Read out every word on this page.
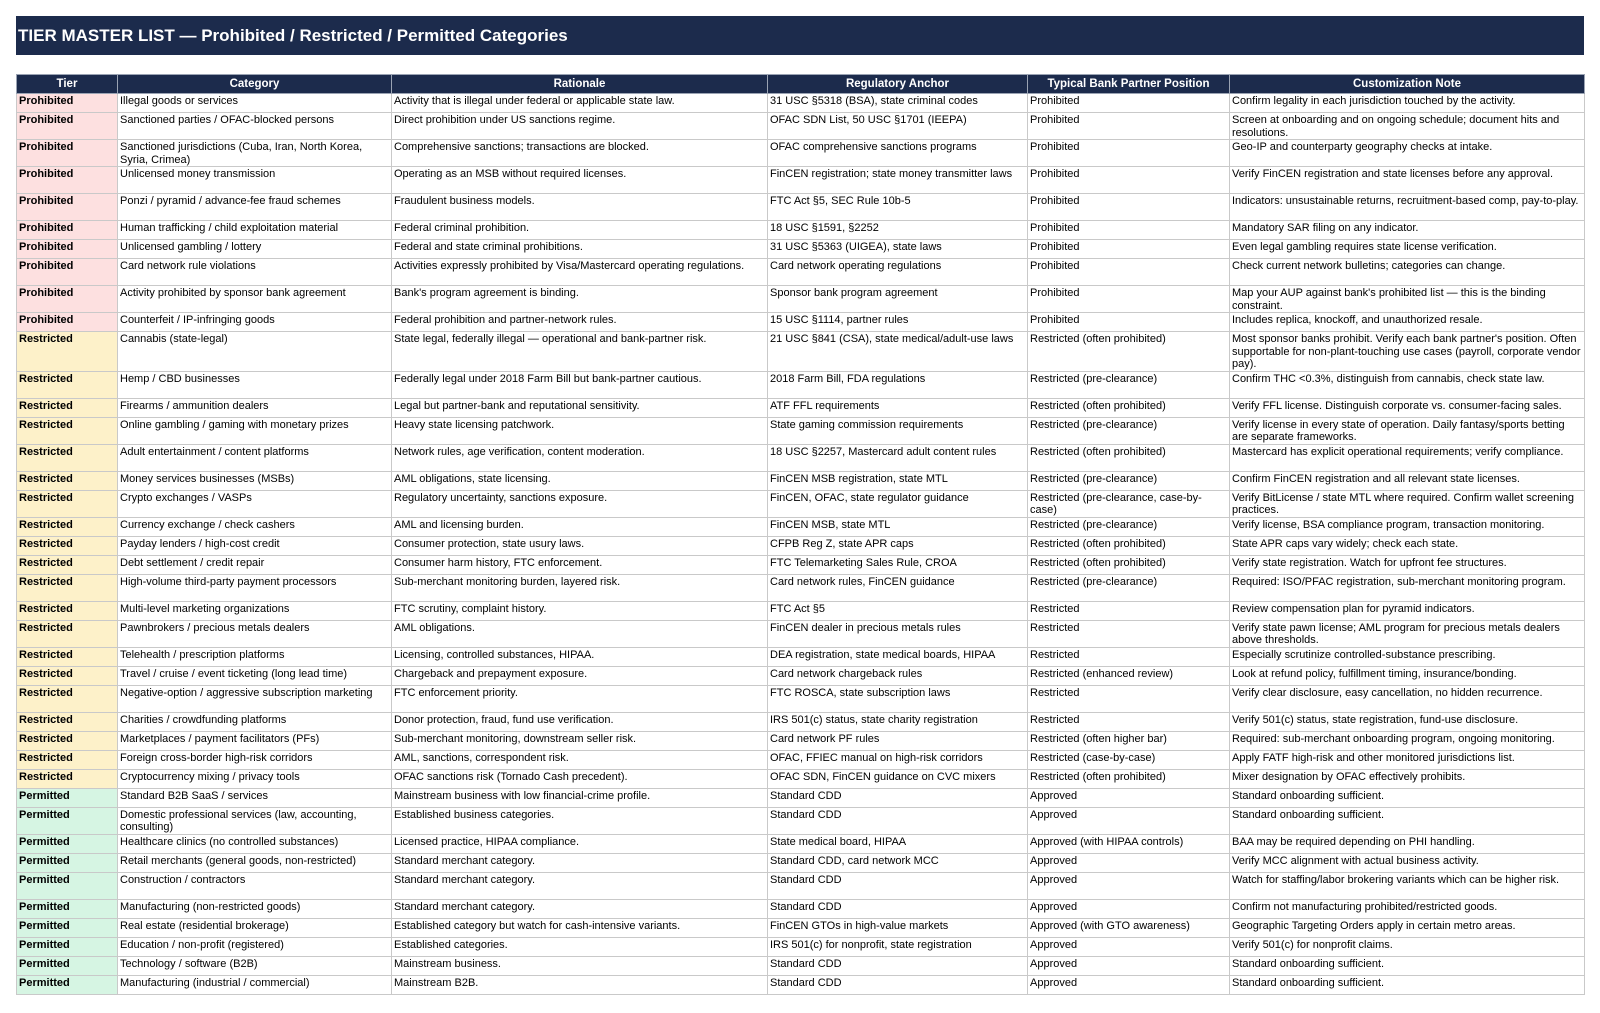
TIER MASTER LIST — Prohibited / Restricted / Permitted Categories
Tier	Category	Rationale	Regulatory Anchor	Typical Bank Partner Position	Customization Note
Prohibited	Illegal goods or services	Activity that is illegal under federal or applicable state law.	31 USC §5318 (BSA), state criminal codes	Prohibited	Confirm legality in each jurisdiction touched by the activity.
Prohibited	Sanctioned parties / OFAC-blocked persons	Direct prohibition under US sanctions regime.	OFAC SDN List, 50 USC §1701 (IEEPA)	Prohibited	Screen at onboarding and on ongoing schedule; document hits and resolutions.
Prohibited	Sanctioned jurisdictions (Cuba, Iran, North Korea, Syria, Crimea)	Comprehensive sanctions; transactions are blocked.	OFAC comprehensive sanctions programs	Prohibited	Geo-IP and counterparty geography checks at intake.
Prohibited	Unlicensed money transmission	Operating as an MSB without required licenses.	FinCEN registration; state money transmitter laws	Prohibited	Verify FinCEN registration and state licenses before any approval.
Prohibited	Ponzi / pyramid / advance-fee fraud schemes	Fraudulent business models.	FTC Act §5, SEC Rule 10b-5	Prohibited	Indicators: unsustainable returns, recruitment-based comp, pay-to-play.
Prohibited	Human trafficking / child exploitation material	Federal criminal prohibition.	18 USC §1591, §2252	Prohibited	Mandatory SAR filing on any indicator.
Prohibited	Unlicensed gambling / lottery	Federal and state criminal prohibitions.	31 USC §5363 (UIGEA), state laws	Prohibited	Even legal gambling requires state license verification.
Prohibited	Card network rule violations	Activities expressly prohibited by Visa/Mastercard operating regulations.	Card network operating regulations	Prohibited	Check current network bulletins; categories can change.
Prohibited	Activity prohibited by sponsor bank agreement	Bank's program agreement is binding.	Sponsor bank program agreement	Prohibited	Map your AUP against bank's prohibited list — this is the binding constraint.
Prohibited	Counterfeit / IP-infringing goods	Federal prohibition and partner-network rules.	15 USC §1114, partner rules	Prohibited	Includes replica, knockoff, and unauthorized resale.
Restricted	Cannabis (state-legal)	State legal, federally illegal — operational and bank-partner risk.	21 USC §841 (CSA), state medical/adult-use laws	Restricted (often prohibited)	Most sponsor banks prohibit. Verify each bank partner's position. Often supportable for non-plant-touching use cases (payroll, corporate vendor pay).
Restricted	Hemp / CBD businesses	Federally legal under 2018 Farm Bill but bank-partner cautious.	2018 Farm Bill, FDA regulations	Restricted (pre-clearance)	Confirm THC <0.3%, distinguish from cannabis, check state law.
Restricted	Firearms / ammunition dealers	Legal but partner-bank and reputational sensitivity.	ATF FFL requirements	Restricted (often prohibited)	Verify FFL license. Distinguish corporate vs. consumer-facing sales.
Restricted	Online gambling / gaming with monetary prizes	Heavy state licensing patchwork.	State gaming commission requirements	Restricted (pre-clearance)	Verify license in every state of operation. Daily fantasy/sports betting are separate frameworks.
Restricted	Adult entertainment / content platforms	Network rules, age verification, content moderation.	18 USC §2257, Mastercard adult content rules	Restricted (often prohibited)	Mastercard has explicit operational requirements; verify compliance.
Restricted	Money services businesses (MSBs)	AML obligations, state licensing.	FinCEN MSB registration, state MTL	Restricted (pre-clearance)	Confirm FinCEN registration and all relevant state licenses.
Restricted	Crypto exchanges / VASPs	Regulatory uncertainty, sanctions exposure.	FinCEN, OFAC, state regulator guidance	Restricted (pre-clearance, case-by-case)	Verify BitLicense / state MTL where required. Confirm wallet screening practices.
Restricted	Currency exchange / check cashers	AML and licensing burden.	FinCEN MSB, state MTL	Restricted (pre-clearance)	Verify license, BSA compliance program, transaction monitoring.
Restricted	Payday lenders / high-cost credit	Consumer protection, state usury laws.	CFPB Reg Z, state APR caps	Restricted (often prohibited)	State APR caps vary widely; check each state.
Restricted	Debt settlement / credit repair	Consumer harm history, FTC enforcement.	FTC Telemarketing Sales Rule, CROA	Restricted (often prohibited)	Verify state registration. Watch for upfront fee structures.
Restricted	High-volume third-party payment processors	Sub-merchant monitoring burden, layered risk.	Card network rules, FinCEN guidance	Restricted (pre-clearance)	Required: ISO/PFAC registration, sub-merchant monitoring program.
Restricted	Multi-level marketing organizations	FTC scrutiny, complaint history.	FTC Act §5	Restricted	Review compensation plan for pyramid indicators.
Restricted	Pawnbrokers / precious metals dealers	AML obligations.	FinCEN dealer in precious metals rules	Restricted	Verify state pawn license; AML program for precious metals dealers above thresholds.
Restricted	Telehealth / prescription platforms	Licensing, controlled substances, HIPAA.	DEA registration, state medical boards, HIPAA	Restricted	Especially scrutinize controlled-substance prescribing.
Restricted	Travel / cruise / event ticketing (long lead time)	Chargeback and prepayment exposure.	Card network chargeback rules	Restricted (enhanced review)	Look at refund policy, fulfillment timing, insurance/bonding.
Restricted	Negative-option / aggressive subscription marketing	FTC enforcement priority.	FTC ROSCA, state subscription laws	Restricted	Verify clear disclosure, easy cancellation, no hidden recurrence.
Restricted	Charities / crowdfunding platforms	Donor protection, fraud, fund use verification.	IRS 501(c) status, state charity registration	Restricted	Verify 501(c) status, state registration, fund-use disclosure.
Restricted	Marketplaces / payment facilitators (PFs)	Sub-merchant monitoring, downstream seller risk.	Card network PF rules	Restricted (often higher bar)	Required: sub-merchant onboarding program, ongoing monitoring.
Restricted	Foreign cross-border high-risk corridors	AML, sanctions, correspondent risk.	OFAC, FFIEC manual on high-risk corridors	Restricted (case-by-case)	Apply FATF high-risk and other monitored jurisdictions list.
Restricted	Cryptocurrency mixing / privacy tools	OFAC sanctions risk (Tornado Cash precedent).	OFAC SDN, FinCEN guidance on CVC mixers	Restricted (often prohibited)	Mixer designation by OFAC effectively prohibits.
Permitted	Standard B2B SaaS / services	Mainstream business with low financial-crime profile.	Standard CDD	Approved	Standard onboarding sufficient.
Permitted	Domestic professional services (law, accounting, consulting)	Established business categories.	Standard CDD	Approved	Standard onboarding sufficient.
Permitted	Healthcare clinics (no controlled substances)	Licensed practice, HIPAA compliance.	State medical board, HIPAA	Approved (with HIPAA controls)	BAA may be required depending on PHI handling.
Permitted	Retail merchants (general goods, non-restricted)	Standard merchant category.	Standard CDD, card network MCC	Approved	Verify MCC alignment with actual business activity.
Permitted	Construction / contractors	Standard merchant category.	Standard CDD	Approved	Watch for staffing/labor brokering variants which can be higher risk.
Permitted	Manufacturing (non-restricted goods)	Standard merchant category.	Standard CDD	Approved	Confirm not manufacturing prohibited/restricted goods.
Permitted	Real estate (residential brokerage)	Established category but watch for cash-intensive variants.	FinCEN GTOs in high-value markets	Approved (with GTO awareness)	Geographic Targeting Orders apply in certain metro areas.
Permitted	Education / non-profit (registered)	Established categories.	IRS 501(c) for nonprofit, state registration	Approved	Verify 501(c) for nonprofit claims.
Permitted	Technology / software (B2B)	Mainstream business.	Standard CDD	Approved	Standard onboarding sufficient.
Permitted	Manufacturing (industrial / commercial)	Mainstream B2B.	Standard CDD	Approved	Standard onboarding sufficient.
